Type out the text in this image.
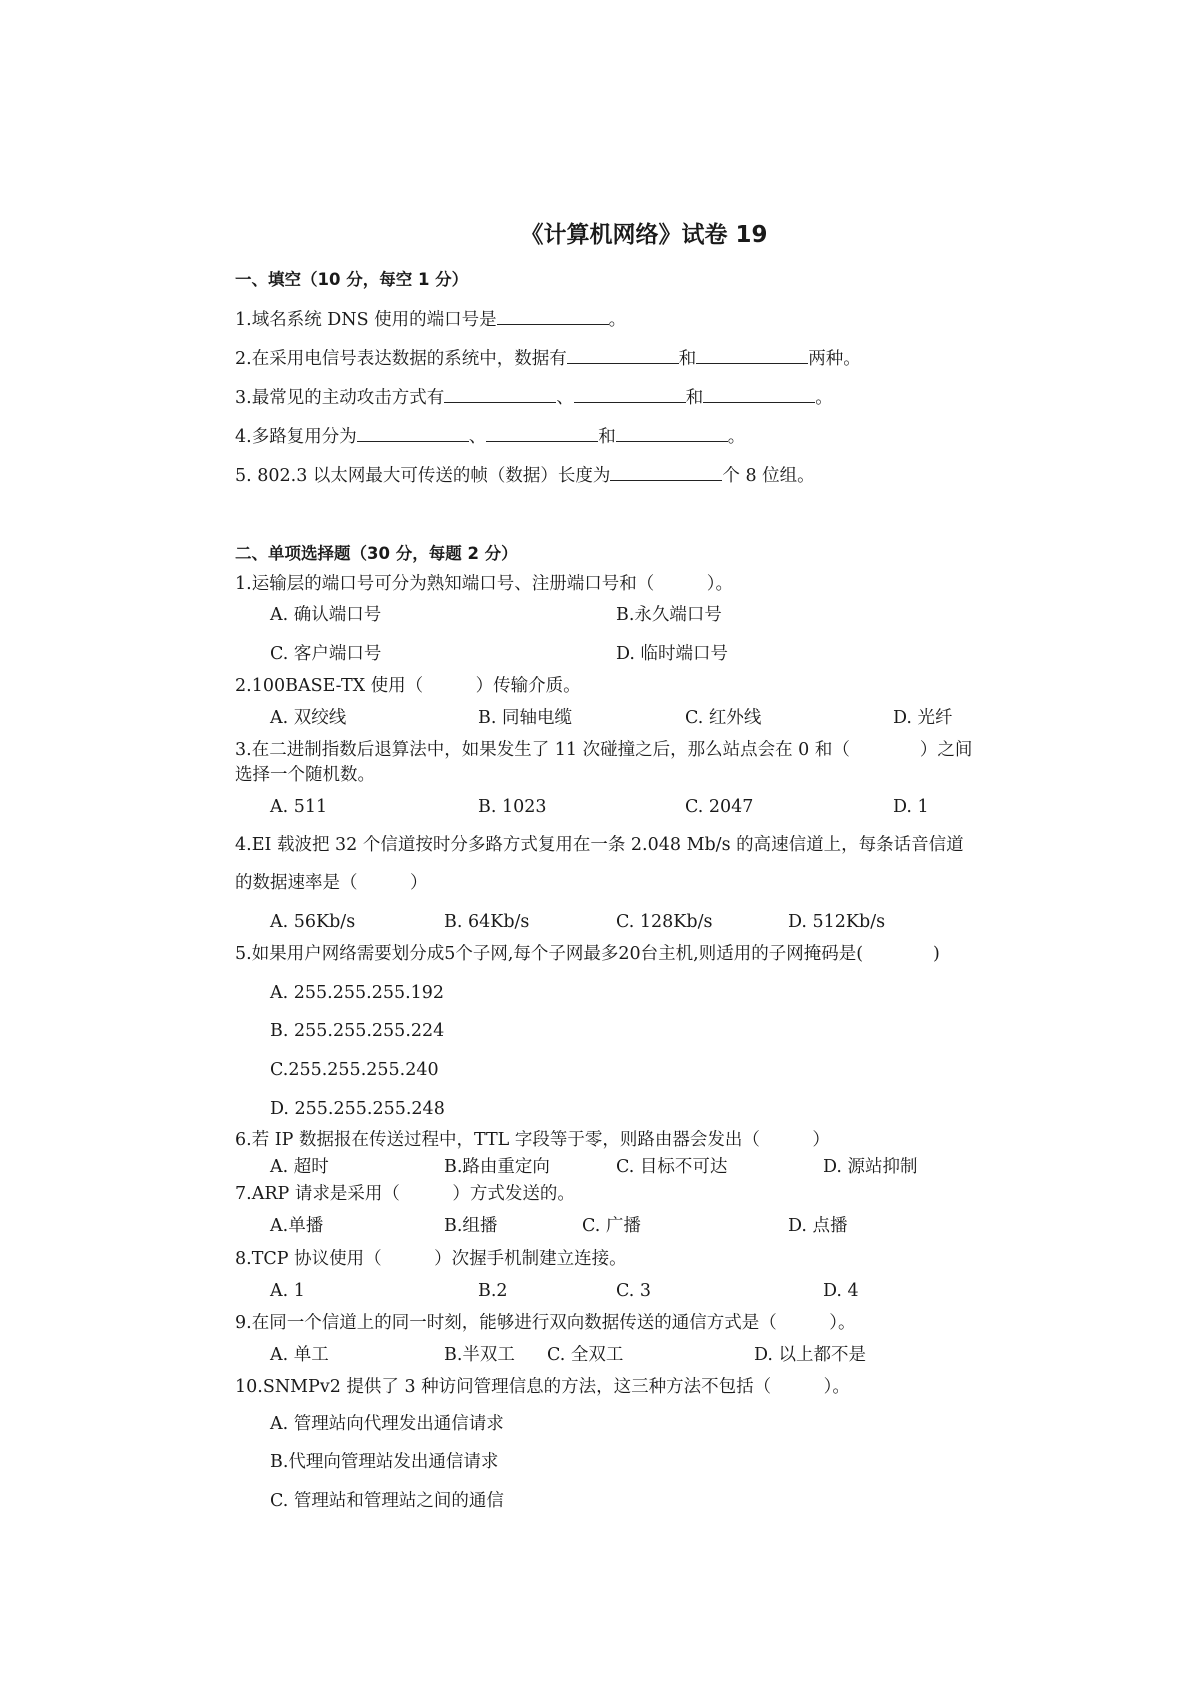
《计算机网络》试卷 19
一、填空（10 分，每空 1 分）
1.域名系统 DNS 使用的端口号是	。
2.在采用电信号表达数据的系统中，数据有	和	两种。
3.最常见的主动攻击方式有	、	和	。
4.多路复用分为	、	和	。
5. 802.3 以太网最大可传送的帧（数据）长度为	个 8 位组。
二、单项选择题（30 分，每题 2 分）
1.运输层的端口号可分为熟知端口号、注册端口号和（　　　）。
A. 确认端口号	B.永久端口号
C. 客户端口号	D. 临时端口号
2.100BASE-TX 使用（　　　）传输介质。
A. 双绞线	B. 同轴电缆	C. 红外线	D. 光纤
3.在二进制指数后退算法中，如果发生了 11 次碰撞之后，那么站点会在 0 和（　　　　）之间
选择一个随机数。
A. 511	B. 1023	C. 2047	D. 1
4.EI 载波把 32 个信道按时分多路方式复用在一条 2.048 Mb/s 的高速信道上，每条话音信道
的数据速率是（　　　）
A. 56Kb/s	B. 64Kb/s	C. 128Kb/s	D. 512Kb/s
5.如果用户网络需要划分成5个子网,每个子网最多20台主机,则适用的子网掩码是(　　　　)
A. 255.255.255.192
B. 255.255.255.224
C.255.255.255.240
D. 255.255.255.248
6.若 IP 数据报在传送过程中，TTL 字段等于零，则路由器会发出（　　　）
A. 超时	B.路由重定向	C. 目标不可达	D. 源站抑制
7.ARP 请求是采用（　　　）方式发送的。
A.单播	B.组播	C. 广播	D. 点播
8.TCP 协议使用（　　　）次握手机制建立连接。
A. 1	B.2	C. 3	D. 4
9.在同一个信道上的同一时刻，能够进行双向数据传送的通信方式是（　　　）。
A. 单工	B.半双工 C. 全双工	D. 以上都不是
10.SNMPv2 提供了 3 种访问管理信息的方法，这三种方法不包括（　　　）。
A. 管理站向代理发出通信请求
B.代理向管理站发出通信请求
C. 管理站和管理站之间的通信
